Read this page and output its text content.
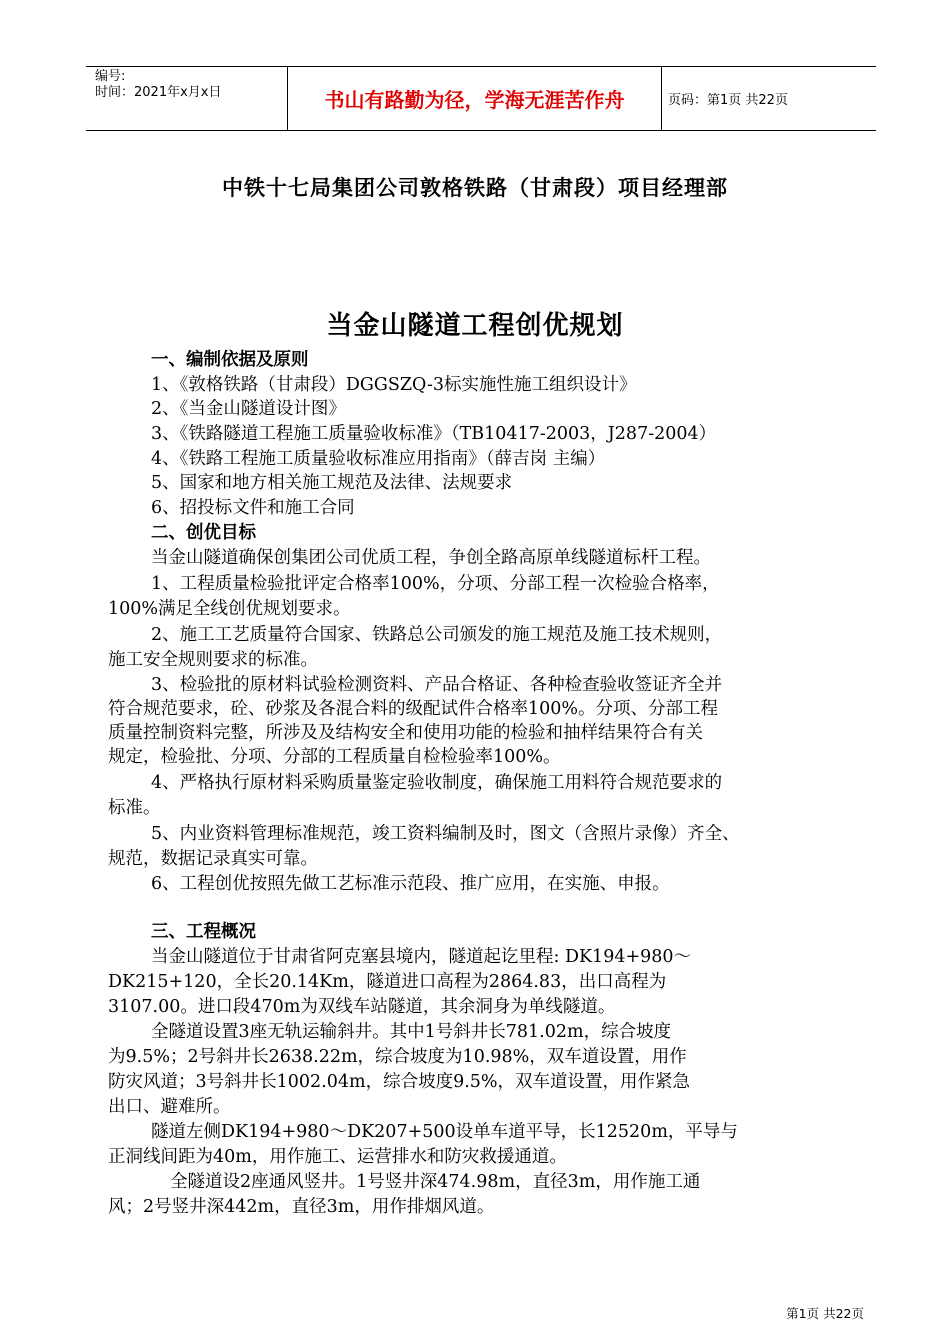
编号:
时间：2021年x月x日	书山有路勤为径，学海无涯苦作舟	页码：第1页 共22页
中铁十七局集团公司敦格铁路（甘肃段）项目经理部
当金山隧道工程创优规划
一、编制依据及原则
1、《敦格铁路（甘肃段）DGGSZQ-3标实施性施工组织设计》
2、《当金山隧道设计图》
3、《铁路隧道工程施工质量验收标准》（TB10417-2003，J287-2004）
4、《铁路工程施工质量验收标准应用指南》（薛吉岗 主编）
5、国家和地方相关施工规范及法律、法规要求
6、招投标文件和施工合同
二、创优目标
当金山隧道确保创集团公司优质工程，争创全路高原单线隧道标杆工程。
1、工程质量检验批评定合格率100%，分项、分部工程一次检验合格率，
100%满足全线创优规划要求。
2、施工工艺质量符合国家、铁路总公司颁发的施工规范及施工技术规则，
施工安全规则要求的标准。
3、检验批的原材料试验检测资料、产品合格证、各种检查验收签证齐全并
符合规范要求，砼、砂浆及各混合料的级配试件合格率100%。分项、分部工程
质量控制资料完整，所涉及及结构安全和使用功能的检验和抽样结果符合有关
规定，检验批、分项、分部的工程质量自检检验率100%。
4、严格执行原材料采购质量鉴定验收制度，确保施工用料符合规范要求的
标准。
5、内业资料管理标准规范，竣工资料编制及时，图文（含照片录像）齐全、
规范，数据记录真实可靠。
6、工程创优按照先做工艺标准示范段、推广应用，在实施、申报。
三、工程概况
当金山隧道位于甘肃省阿克塞县境内，隧道起讫里程: DK194+980～
DK215+120，全长20.14Km，隧道进口高程为2864.83，出口高程为
3107.00。进口段470m为双线车站隧道，其余洞身为单线隧道。
全隧道设置3座无轨运输斜井。其中1号斜井长781.02m，综合坡度
为9.5%；2号斜井长2638.22m，综合坡度为10.98%，双车道设置，用作
防灾风道；3号斜井长1002.04m，综合坡度9.5%，双车道设置，用作紧急
出口、避难所。
隧道左侧DK194+980～DK207+500设单车道平导，长12520m，平导与
正洞线间距为40m，用作施工、运营排水和防灾救援通道。
全隧道设2座通风竖井。1号竖井深474.98m，直径3m，用作施工通
风；2号竖井深442m，直径3m，用作排烟风道。
第1页 共22页
